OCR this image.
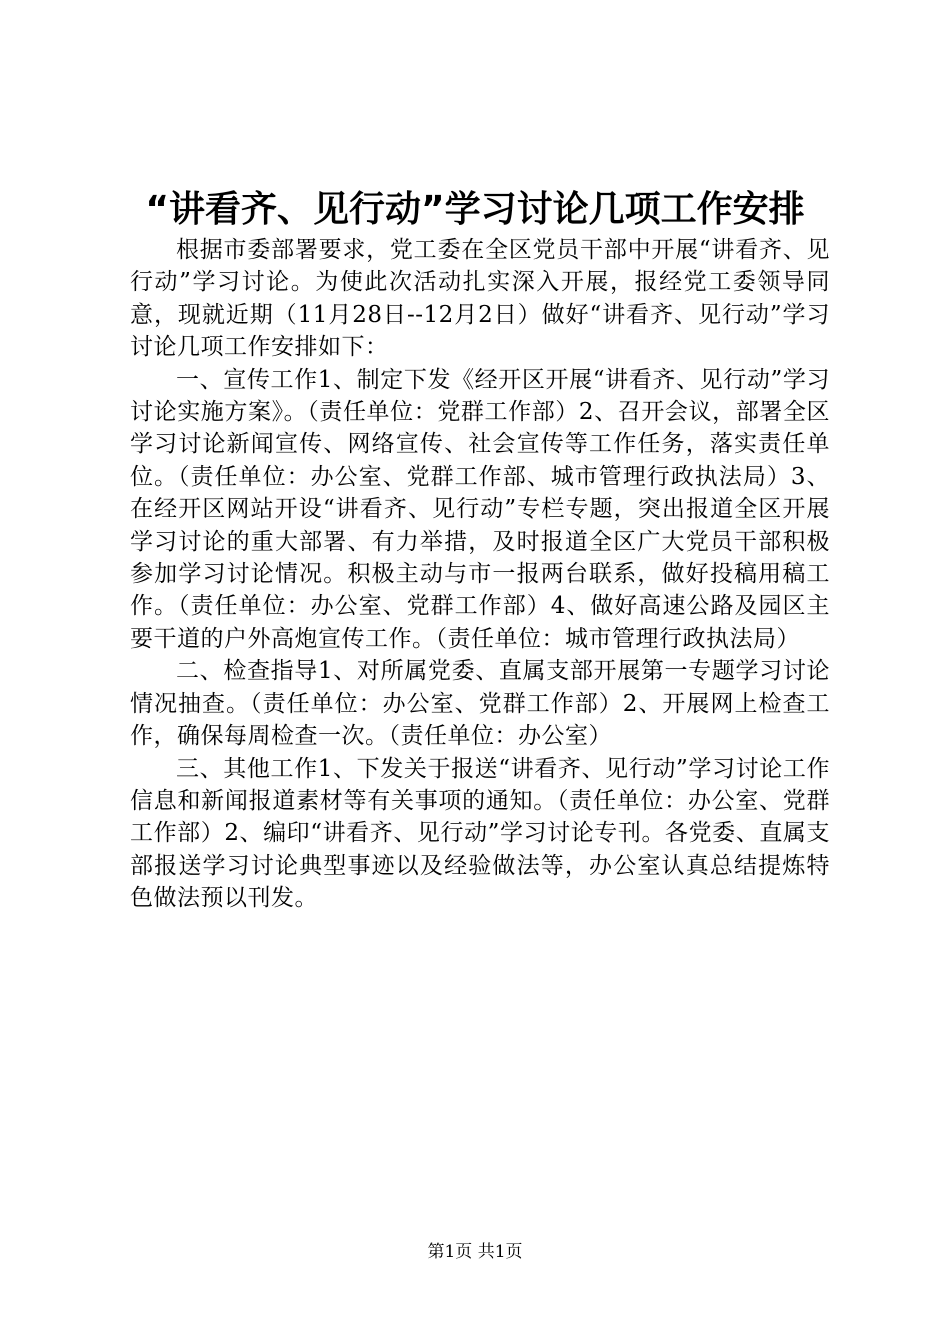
“讲看齐、见行动”学习讨论几项工作安排

根据市委部署要求，党工委在全区党员干部中开展“讲看齐、见行动”学习讨论。为使此次活动扎实深入开展，报经党工委领导同意，现就近期（11月28日--12月2日）做好“讲看齐、见行动”学习讨论几项工作安排如下：

一、宣传工作1、制定下发《经开区开展“讲看齐、见行动”学习讨论实施方案》。（责任单位：党群工作部）2、召开会议，部署全区学习讨论新闻宣传、网络宣传、社会宣传等工作任务，落实责任单位。（责任单位：办公室、党群工作部、城市管理行政执法局）3、在经开区网站开设“讲看齐、见行动”专栏专题，突出报道全区开展学习讨论的重大部署、有力举措，及时报道全区广大党员干部积极参加学习讨论情况。积极主动与市一报两台联系，做好投稿用稿工作。（责任单位：办公室、党群工作部）4、做好高速公路及园区主要干道的户外高炮宣传工作。（责任单位：城市管理行政执法局）

二、检查指导1、对所属党委、直属支部开展第一专题学习讨论情况抽查。（责任单位：办公室、党群工作部）2、开展网上检查工作，确保每周检查一次。（责任单位：办公室）

三、其他工作1、下发关于报送“讲看齐、见行动”学习讨论工作信息和新闻报道素材等有关事项的通知。（责任单位：办公室、党群工作部）2、编印“讲看齐、见行动”学习讨论专刊。各党委、直属支部报送学习讨论典型事迹以及经验做法等，办公室认真总结提炼特色做法预以刊发。

第1页 共1页
